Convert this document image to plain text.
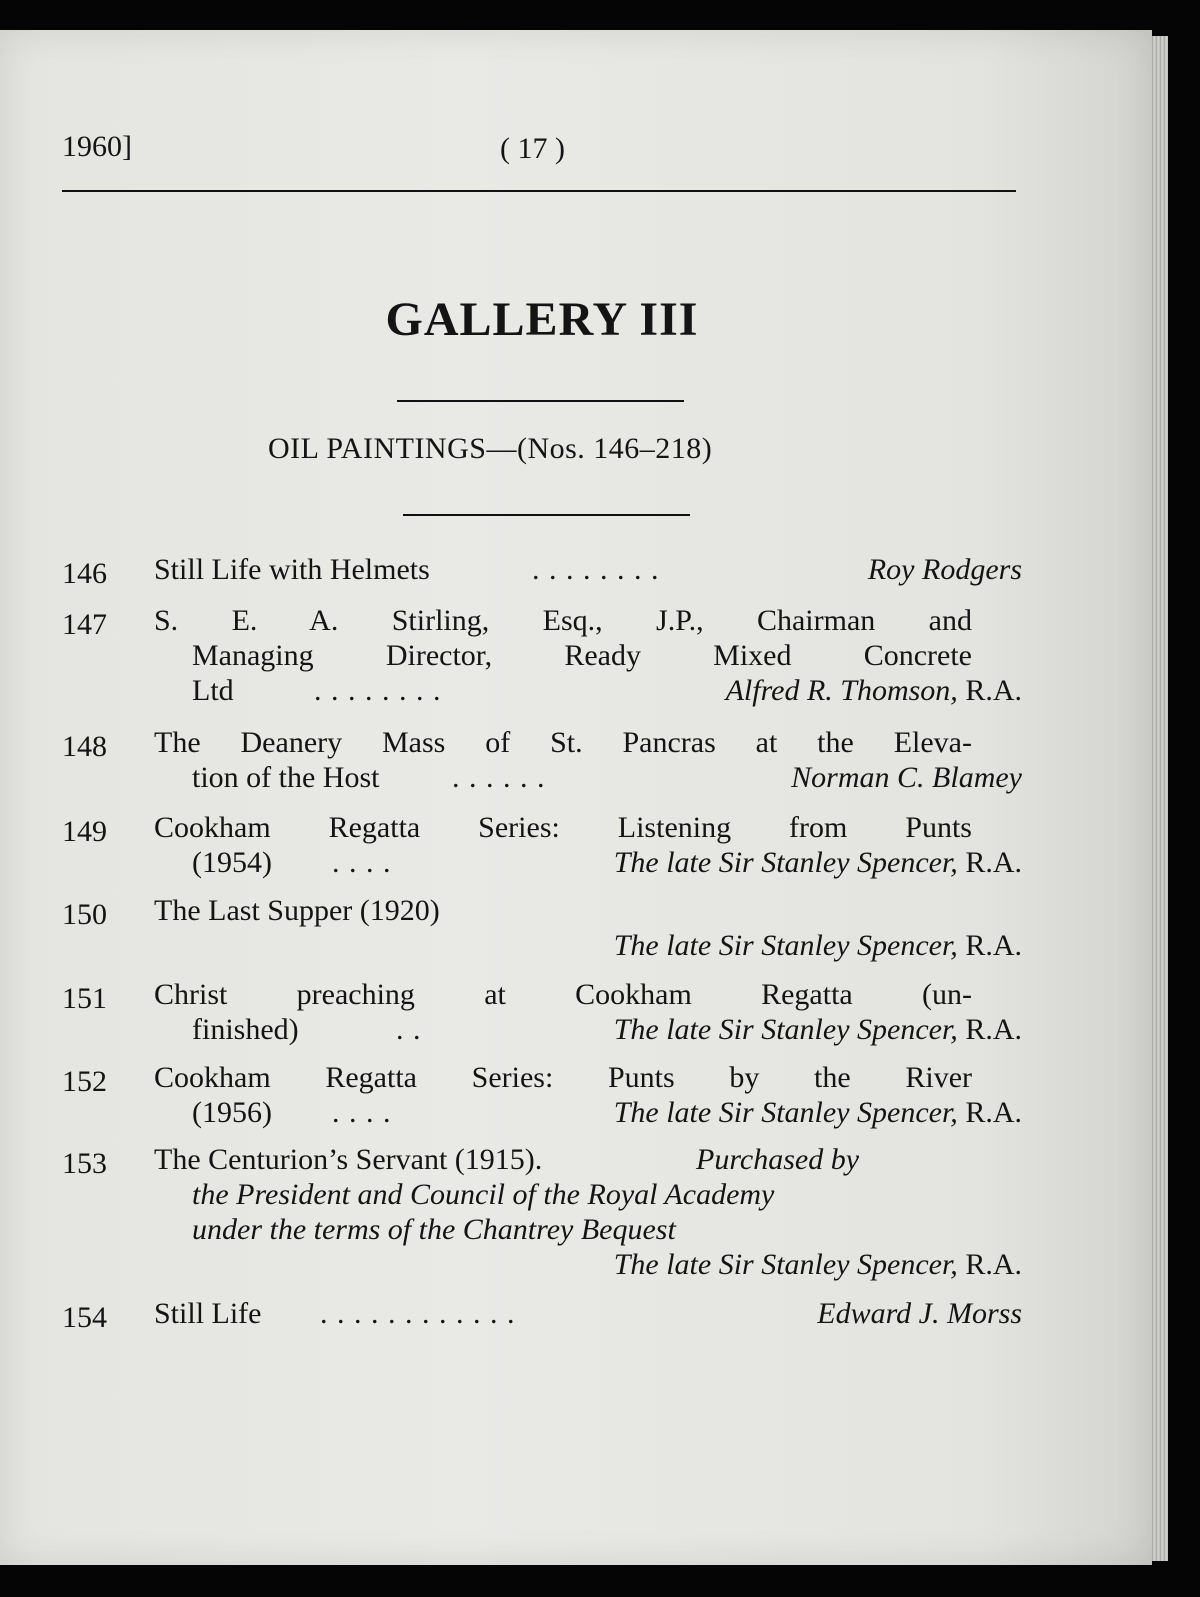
1960]	( 17 )
GALLERY III
OIL PAINTINGS—(Nos. 146–218)
146	Still Life with Helmets	. . . . . . . .	Roy Rodgers
147	S. E. A. Stirling, Esq., J.P., Chairman and
Managing Director, Ready Mixed Concrete
Ltd	. . . . . . . .	Alfred R. Thomson, R.A.
148	The Deanery Mass of St. Pancras at the Eleva-
tion of the Host . . . . . .	Norman C. Blamey
149	Cookham Regatta Series: Listening from Punts
(1954) . . . .	The late Sir Stanley Spencer, R.A.
150	The Last Supper (1920)
The late Sir Stanley Spencer, R.A.
151	Christ preaching at Cookham Regatta (un-
finished)	. .	The late Sir Stanley Spencer, R.A.
152	Cookham Regatta Series: Punts by the River
(1956) . . . .	The late Sir Stanley Spencer, R.A.
153	The Centurion’s Servant (1915).	Purchased by
the President and Council of the Royal Academy
under the terms of the Chantrey Bequest
The late Sir Stanley Spencer, R.A.
154	Still Life . . . . . . . . . . . .	Edward J. Morss
